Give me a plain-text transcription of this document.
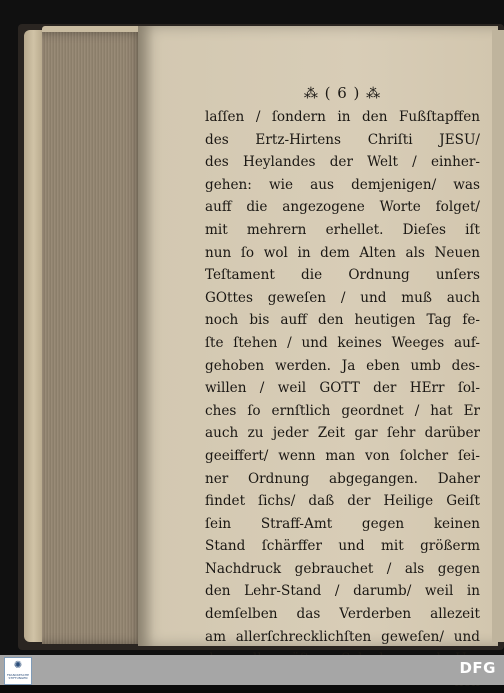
⁂ ( 6 ) ⁂
laſſen / ſondern in den Fußſtapffen
des Ertz-Hirtens Chriſti JESU/
des Heylandes der Welt / einher-
gehen: wie aus demjenigen/ was
auff die angezogene Worte folget/
mit mehrern erhellet. Dieſes iſt
nun ſo wol in dem Alten als Neuen
Teſtament die Ordnung unſers
GOttes geweſen / und muß auch
noch bis auff den heutigen Tag fe-
ſte ſtehen / und keines Weeges auf-
gehoben werden. Ja eben umb des-
willen / weil GOTT der HErr ſol-
ches ſo ernſtlich geordnet / hat Er
auch zu jeder Zeit gar ſehr darüber
geeiffert/ wenn man von ſolcher ſei-
ner Ordnung abgegangen. Daher
findet ſichs/ daß der Heilige Geiſt
ſein Straff-Amt gegen keinen
Stand ſchärffer und mit größerm
Nachdruck gebrauchet / als gegen
den Lehr-Stand / darumb/ weil in
demſelben das Verderben allezeit
am allerſchrecklichſten geweſen/ und
✺
FRANCKESCHE STIFTUNGEN
DFG
